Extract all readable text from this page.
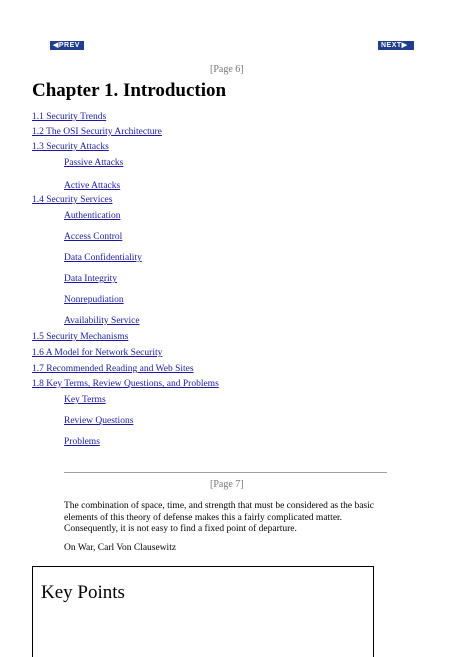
◀PREV	NEXT▶
[Page 6]
Chapter 1. Introduction
1.1 Security Trends
1.2 The OSI Security Architecture
1.3 Security Attacks
Passive Attacks
Active Attacks
1.4 Security Services
Authentication
Access Control
Data Confidentiality
Data Integrity
Nonrepudiation
Availability Service
1.5 Security Mechanisms
1.6 A Model for Network Security
1.7 Recommended Reading and Web Sites
1.8 Key Terms, Review Questions, and Problems
Key Terms
Review Questions
Problems
[Page 7]
The combination of space, time, and strength that must be considered as the basic elements of this theory of defense makes this a fairly complicated matter. Consequently, it is not easy to find a fixed point of departure.
On War, Carl Von Clausewitz
Key Points
